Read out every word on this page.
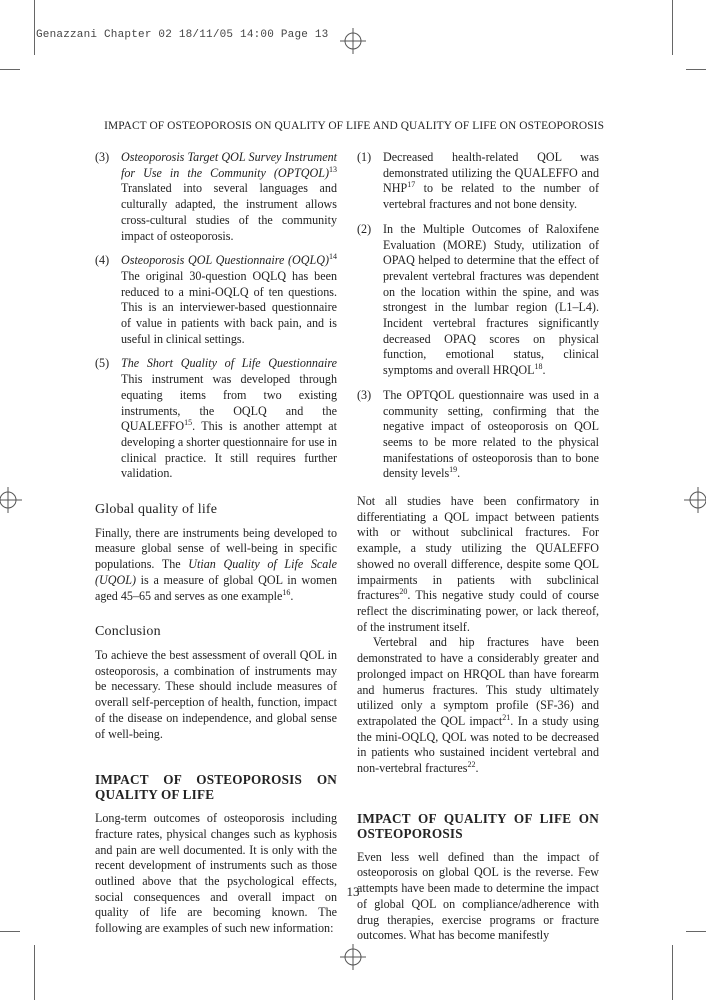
Genazzani Chapter 02 18/11/05 14:00 Page 13
IMPACT OF OSTEOPOROSIS ON QUALITY OF LIFE AND QUALITY OF LIFE ON OSTEOPOROSIS
(3) Osteoporosis Target QOL Survey Instrument for Use in the Community (OPTQOL)$^{13}$ Translated into several languages and culturally adapted, the instrument allows cross-cultural studies of the community impact of osteoporosis.
(4) Osteoporosis QOL Questionnaire (OQLQ)$^{14}$ The original 30-question OQLQ has been reduced to a mini-OQLQ of ten questions. This is an interviewer-based questionnaire of value in patients with back pain, and is useful in clinical settings.
(5) The Short Quality of Life Questionnaire  This instrument was developed through equating items from two existing instruments, the OQLQ and the QUALEFFO$^{15}$. This is another attempt at developing a shorter questionnaire for use in clinical practice. It still requires further validation.
Global quality of life

Finally, there are instruments being developed to measure global sense of well-being in specific populations. The Utian Quality of Life Scale (UQOL) is a measure of global QOL in women aged 45–65 and serves as one example$^{16}$.

Conclusion

To achieve the best assessment of overall QOL in osteoporosis, a combination of instruments may be necessary. These should include measures of overall self-perception of health, function, impact of the disease on independence, and global sense of well-being.

IMPACT OF OSTEOPOROSIS ON QUALITY OF LIFE

Long-term outcomes of osteoporosis including fracture rates, physical changes such as kyphosis and pain are well documented. It is only with the recent development of instruments such as those outlined above that the psychological effects, social consequences and overall impact on quality of life are becoming known. The following are examples of such new information:

(1) Decreased health-related QOL was demonstrated utilizing the QUALEFFO and NHP$^{17}$ to be related to the number of vertebral fractures and not bone density.
(2) In the Multiple Outcomes of Raloxifene Evaluation (MORE) Study, utilization of OPAQ helped to determine that the effect of prevalent vertebral fractures was dependent on the location within the spine, and was strongest in the lumbar region (L1–L4). Incident vertebral fractures significantly decreased OPAQ scores on physical function, emotional status, clinical symptoms and overall HRQOL$^{18}$.
(3) The OPTQOL questionnaire was used in a community setting, confirming that the negative impact of osteoporosis on QOL seems to be more related to the physical manifestations of osteoporosis than to bone density levels$^{19}$.

Not all studies have been confirmatory in differentiating a QOL impact between patients with or without subclinical fractures. For example, a study utilizing the QUALEFFO showed no overall difference, despite some QOL impairments in patients with subclinical fractures$^{20}$. This negative study could of course reflect the discriminating power, or lack thereof, of the instrument itself.

Vertebral and hip fractures have been demonstrated to have a considerably greater and prolonged impact on HRQOL than have forearm and humerus fractures. This study ultimately utilized only a symptom profile (SF-36) and extrapolated the QOL impact$^{21}$. In a study using the mini-OQLQ, QOL was noted to be decreased in patients who sustained incident vertebral and non-vertebral fractures$^{22}$.

IMPACT OF QUALITY OF LIFE ON OSTEOPOROSIS

Even less well defined than the impact of osteoporosis on global QOL is the reverse. Few attempts have been made to determine the impact of global QOL on compliance/adherence with drug therapies, exercise programs or fracture outcomes. What has become manifestly

13
